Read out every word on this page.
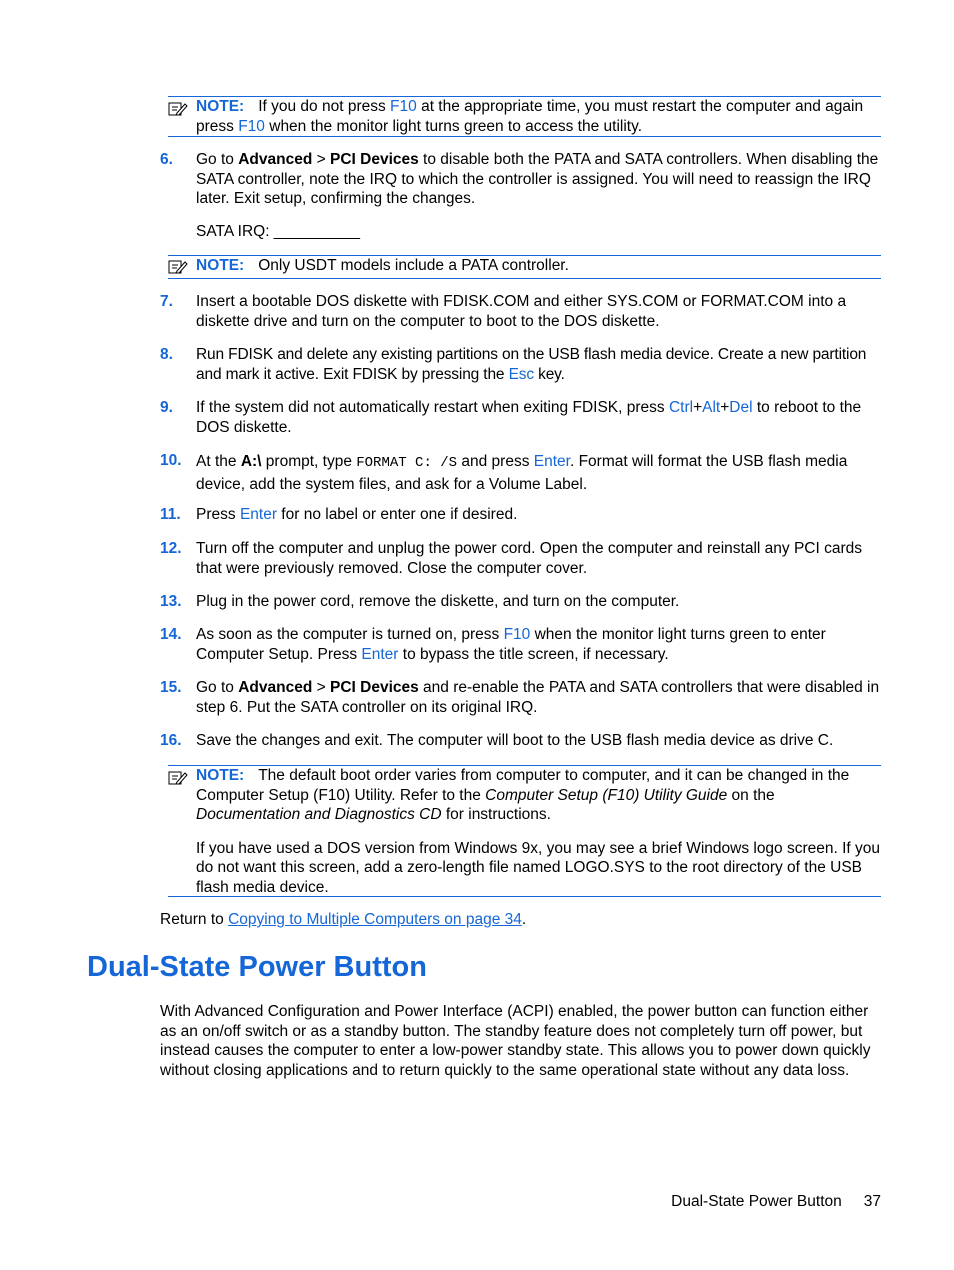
NOTE: If you do not press F10 at the appropriate time, you must restart the computer and again press F10 when the monitor light turns green to access the utility.
6. Go to Advanced > PCI Devices to disable both the PATA and SATA controllers. When disabling the SATA controller, note the IRQ to which the controller is assigned. You will need to reassign the IRQ later. Exit setup, confirming the changes.
SATA IRQ: __________
NOTE: Only USDT models include a PATA controller.
7. Insert a bootable DOS diskette with FDISK.COM and either SYS.COM or FORMAT.COM into a diskette drive and turn on the computer to boot to the DOS diskette.
8. Run FDISK and delete any existing partitions on the USB flash media device. Create a new partition and mark it active. Exit FDISK by pressing the Esc key.
9. If the system did not automatically restart when exiting FDISK, press Ctrl+Alt+Del to reboot to the DOS diskette.
10. At the A:\ prompt, type FORMAT C: /S and press Enter. Format will format the USB flash media device, add the system files, and ask for a Volume Label.
11. Press Enter for no label or enter one if desired.
12. Turn off the computer and unplug the power cord. Open the computer and reinstall any PCI cards that were previously removed. Close the computer cover.
13. Plug in the power cord, remove the diskette, and turn on the computer.
14. As soon as the computer is turned on, press F10 when the monitor light turns green to enter Computer Setup. Press Enter to bypass the title screen, if necessary.
15. Go to Advanced > PCI Devices and re-enable the PATA and SATA controllers that were disabled in step 6. Put the SATA controller on its original IRQ.
16. Save the changes and exit. The computer will boot to the USB flash media device as drive C.
NOTE: The default boot order varies from computer to computer, and it can be changed in the Computer Setup (F10) Utility. Refer to the Computer Setup (F10) Utility Guide on the Documentation and Diagnostics CD for instructions.
If you have used a DOS version from Windows 9x, you may see a brief Windows logo screen. If you do not want this screen, add a zero-length file named LOGO.SYS to the root directory of the USB flash media device.
Return to Copying to Multiple Computers on page 34.
Dual-State Power Button
With Advanced Configuration and Power Interface (ACPI) enabled, the power button can function either as an on/off switch or as a standby button. The standby feature does not completely turn off power, but instead causes the computer to enter a low-power standby state. This allows you to power down quickly without closing applications and to return quickly to the same operational state without any data loss.
Dual-State Power Button 37
